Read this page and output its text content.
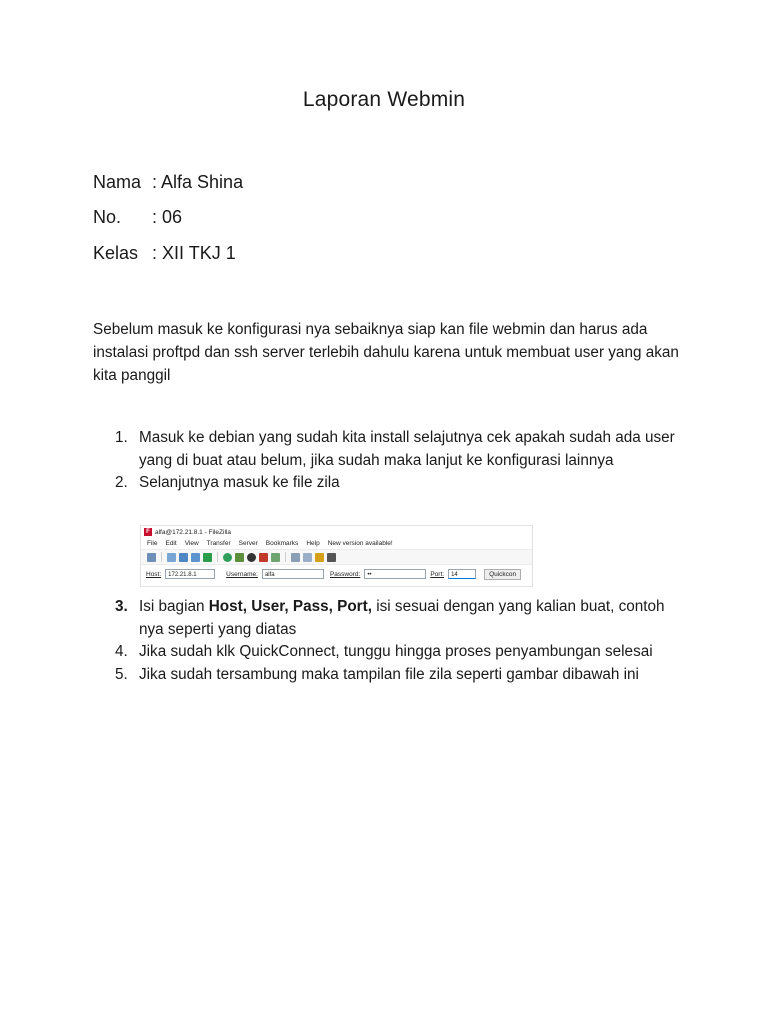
Laporan Webmin
Nama : Alfa Shina
No. : 06
Kelas : XII TKJ 1
Sebelum masuk ke konfigurasi nya sebaiknya siap kan file webmin dan harus ada instalasi proftpd dan ssh server terlebih dahulu karena untuk membuat user yang akan kita panggil

1. Masuk ke debian yang sudah kita install selajutnya cek apakah sudah ada user yang di buat atau belum, jika sudah maka lanjut ke konfigurasi lainnya

2. Selanjutnya masuk ke file zila

F alfa@172.21.8.1 - FileZilla
File Edit View Transfer Server Bookmarks Help New version available!
Host:	172.21.8.1	Username:	alfa	Password:	••	Port:	14	Quickcon

3. Isi bagian Host, User, Pass, Port, isi sesuai dengan yang kalian buat, contoh nya seperti yang diatas

4. Jika sudah klk QuickConnect, tunggu hingga proses penyambungan selesai

5. Jika sudah tersambung maka tampilan file zila seperti gambar dibawah ini
